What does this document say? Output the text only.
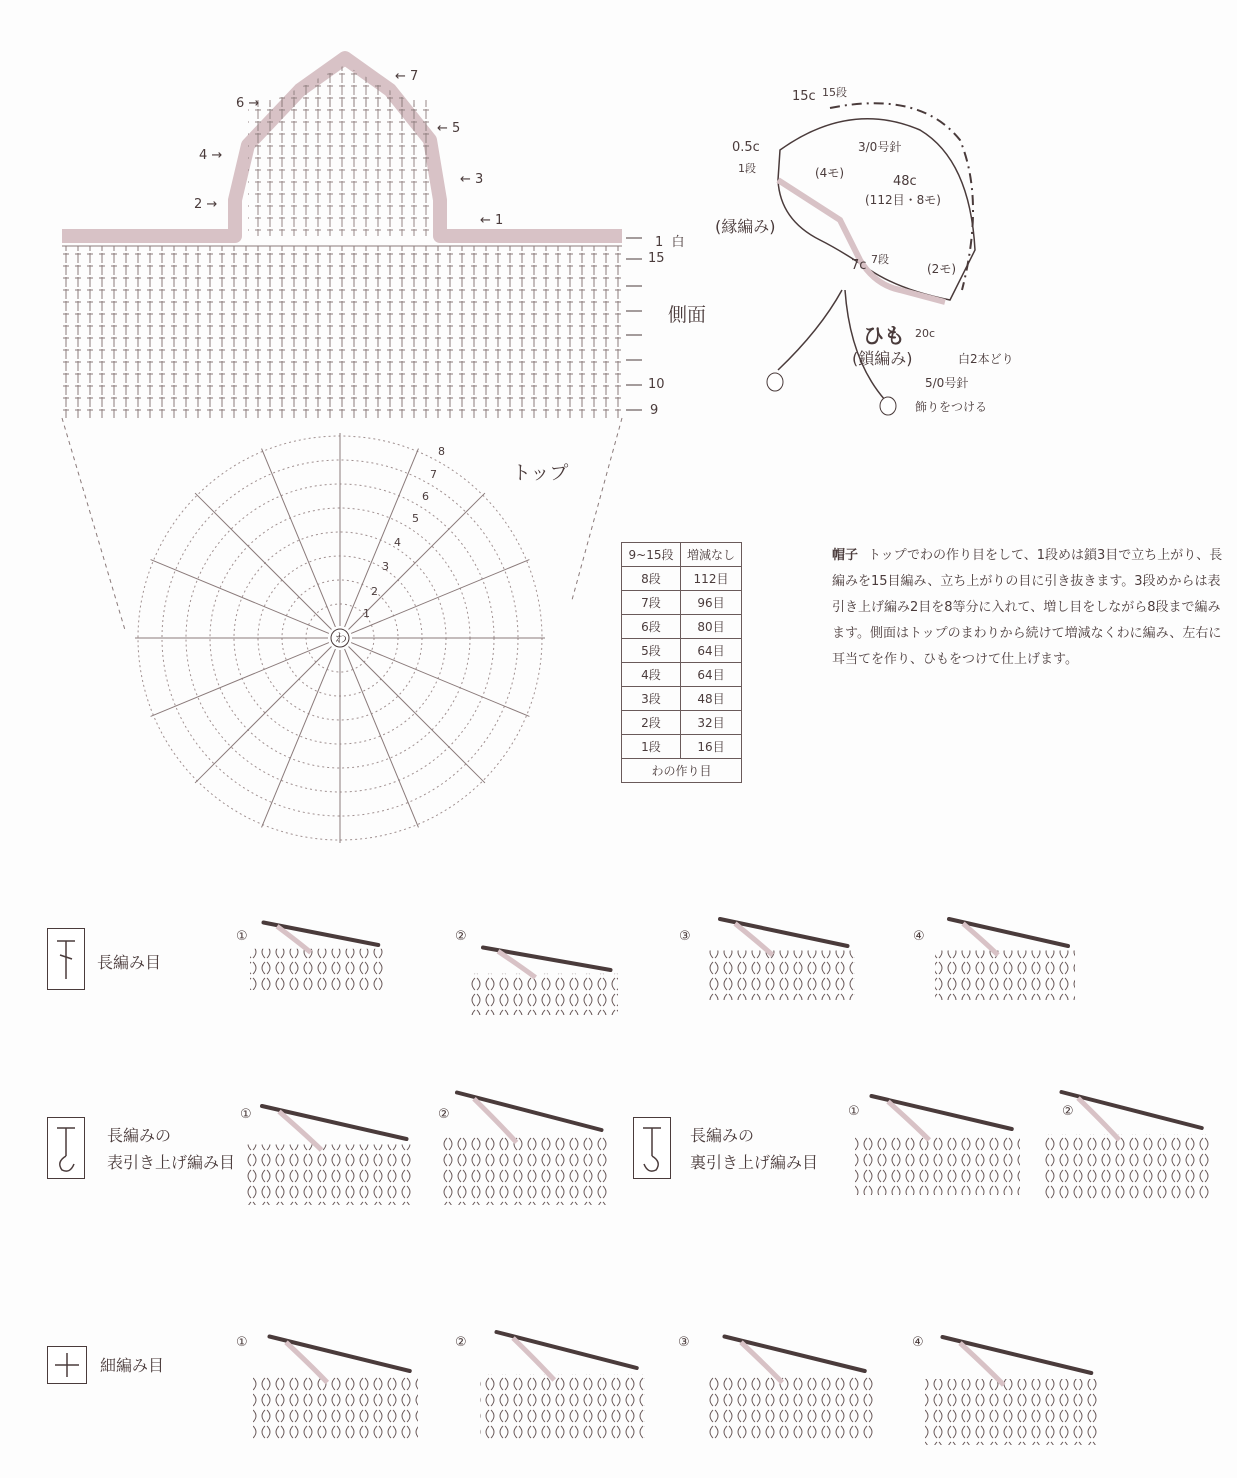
1 白
15
10
9
側面
トップ
← 1
2 →
← 3
4 →
← 5
6 →
← 7
1
2
3
4
5
6
7
8
わ
15c 15段
0.5c
1段
3/0号針
(4モ)
48c
(112目・8モ)
(縁編み)
7c 7段
(2モ)
ひも 20c
(鎖編み)	白2本どり
5/0号針
飾りをつける
9~15段	増減なし
8段	112目
7段	96目
6段	80目
5段	64目
4段	64目
3段	48目
2段	32目
1段	16目
わの作り目	
帽子 トップでわの作り目をして、1段めは鎖3目で立ち上がり、長編みを15目編み、立ち上がりの目に引き抜きます。3段めからは表引き上げ編み2目を8等分に入れて、増し目をしながら8段まで編みます。側面はトップのまわりから続けて増減なくわに編み、左右に耳当てを作り、ひもをつけて仕上げます。
長編み目
長編みの
表引き上げ編み目
長編みの
裏引き上げ編み目
細編み目
①	②	③	④
①	②	①	②
①	②	③	④
